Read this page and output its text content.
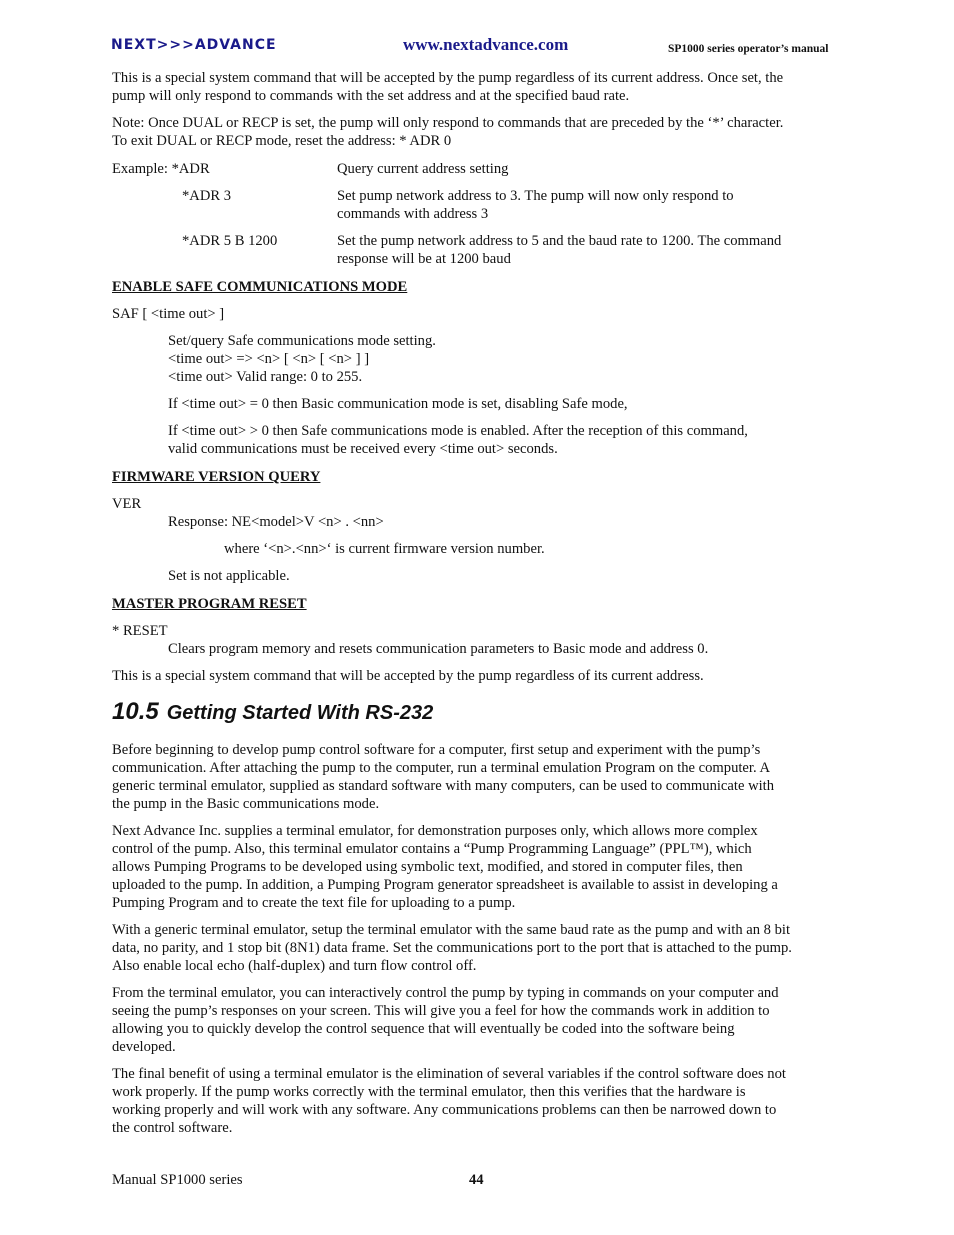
NEXT>>>ADVANCE	www.nextadvance.com	SP1000 series operator’s manual

This is a special system command that will be accepted by the pump regardless of its current address. Once set, the pump will only respond to commands with the set address and at the specified baud rate.

Note: Once DUAL or RECP is set, the pump will only respond to commands that are preceded by the ‘*’ character. To exit DUAL or RECP mode, reset the address: * ADR 0

Example: *ADR	Query current address setting
*ADR 3	Set pump network address to 3. The pump will now only respond to commands with address 3
*ADR 5 B 1200	Set the pump network address to 5 and the baud rate to 1200. The command response will be at 1200 baud
ENABLE SAFE COMMUNICATIONS MODE
SAF [ <time out> ]
Set/query Safe communications mode setting.
<time out> => <n> [ <n> [ <n> ] ]
<time out> Valid range: 0 to 255.
If <time out> = 0 then Basic communication mode is set, disabling Safe mode,

If <time out> > 0 then Safe communications mode is enabled. After the reception of this command, valid communications must be received every <time out> seconds.

FIRMWARE VERSION QUERY
VER
Response: NE<model>V <n> . <nn>
where ‘<n>.<nn>‘ is current firmware version number.
Set is not applicable.
MASTER PROGRAM RESET
* RESET
Clears program memory and resets communication parameters to Basic mode and address 0.

This is a special system command that will be accepted by the pump regardless of its current address.

10.5 Getting Started With RS-232

Before beginning to develop pump control software for a computer, first setup and experiment with the pump’s communication. After attaching the pump to the computer, run a terminal emulation Program on the computer. A generic terminal emulator, supplied as standard software with many computers, can be used to communicate with the pump in the Basic communications mode.

Next Advance Inc. supplies a terminal emulator, for demonstration purposes only, which allows more complex control of the pump. Also, this terminal emulator contains a “Pump Programming Language” (PPL™), which allows Pumping Programs to be developed using symbolic text, modified, and stored in computer files, then uploaded to the pump. In addition, a Pumping Program generator spreadsheet is available to assist in developing a Pumping Program and to create the text file for uploading to a pump.

With a generic terminal emulator, setup the terminal emulator with the same baud rate as the pump and with an 8 bit data, no parity, and 1 stop bit (8N1) data frame. Set the communications port to the port that is attached to the pump. Also enable local echo (half-duplex) and turn flow control off.

From the terminal emulator, you can interactively control the pump by typing in commands on your computer and seeing the pump’s responses on your screen. This will give you a feel for how the commands work in addition to allowing you to quickly develop the control sequence that will eventually be coded into the software being developed.

The final benefit of using a terminal emulator is the elimination of several variables if the control software does not work properly. If the pump works correctly with the terminal emulator, then this verifies that the hardware is working properly and will work with any software. Any communications problems can then be narrowed down to the control software.

Manual SP1000 series	44
